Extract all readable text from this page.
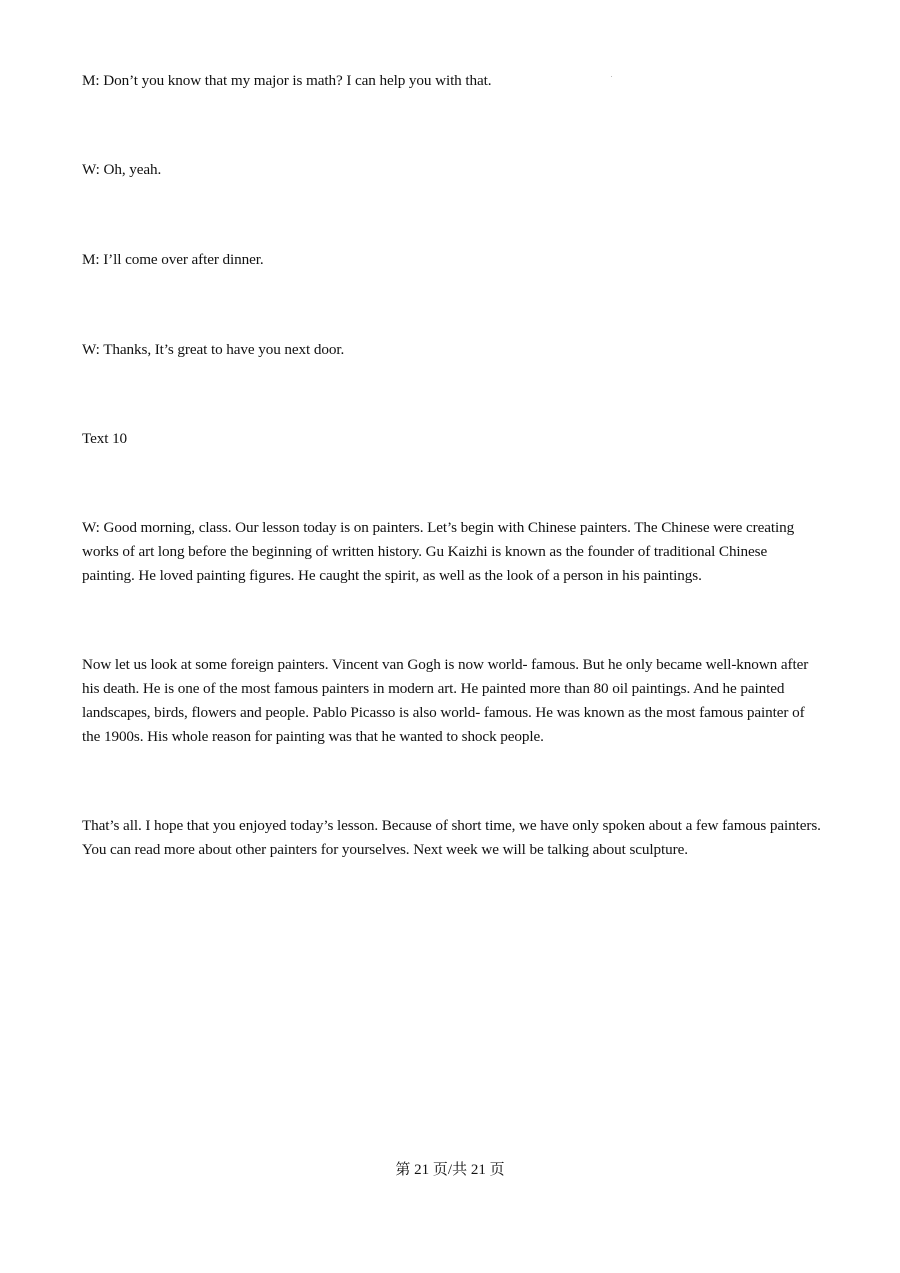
M: Don’t you know that my major is math? I can help you with that.

W: Oh, yeah.

M: I’ll come over after dinner.

W: Thanks, It’s great to have you next door.

Text 10

W: Good morning, class. Our lesson today is on painters. Let’s begin with Chinese painters. The Chinese were creating works of art long before the beginning of written history. Gu Kaizhi is known as the founder of traditional Chinese painting. He loved painting figures. He caught the spirit, as well as the look of a person in his paintings.

Now let us look at some foreign painters. Vincent van Gogh is now world- famous. But he only became well-known after his death. He is one of the most famous painters in modern art. He painted more than 80 oil paintings. And he painted landscapes, birds, flowers and people. Pablo Picasso is also world- famous. He was known as the most famous painter of the 1900s. His whole reason for painting was that he wanted to shock people.

That’s all. I hope that you enjoyed today’s lesson. Because of short time, we have only spoken about a few famous painters. You can read more about other painters for yourselves. Next week we will be talking about sculpture.

第 21 页/共 21 页
